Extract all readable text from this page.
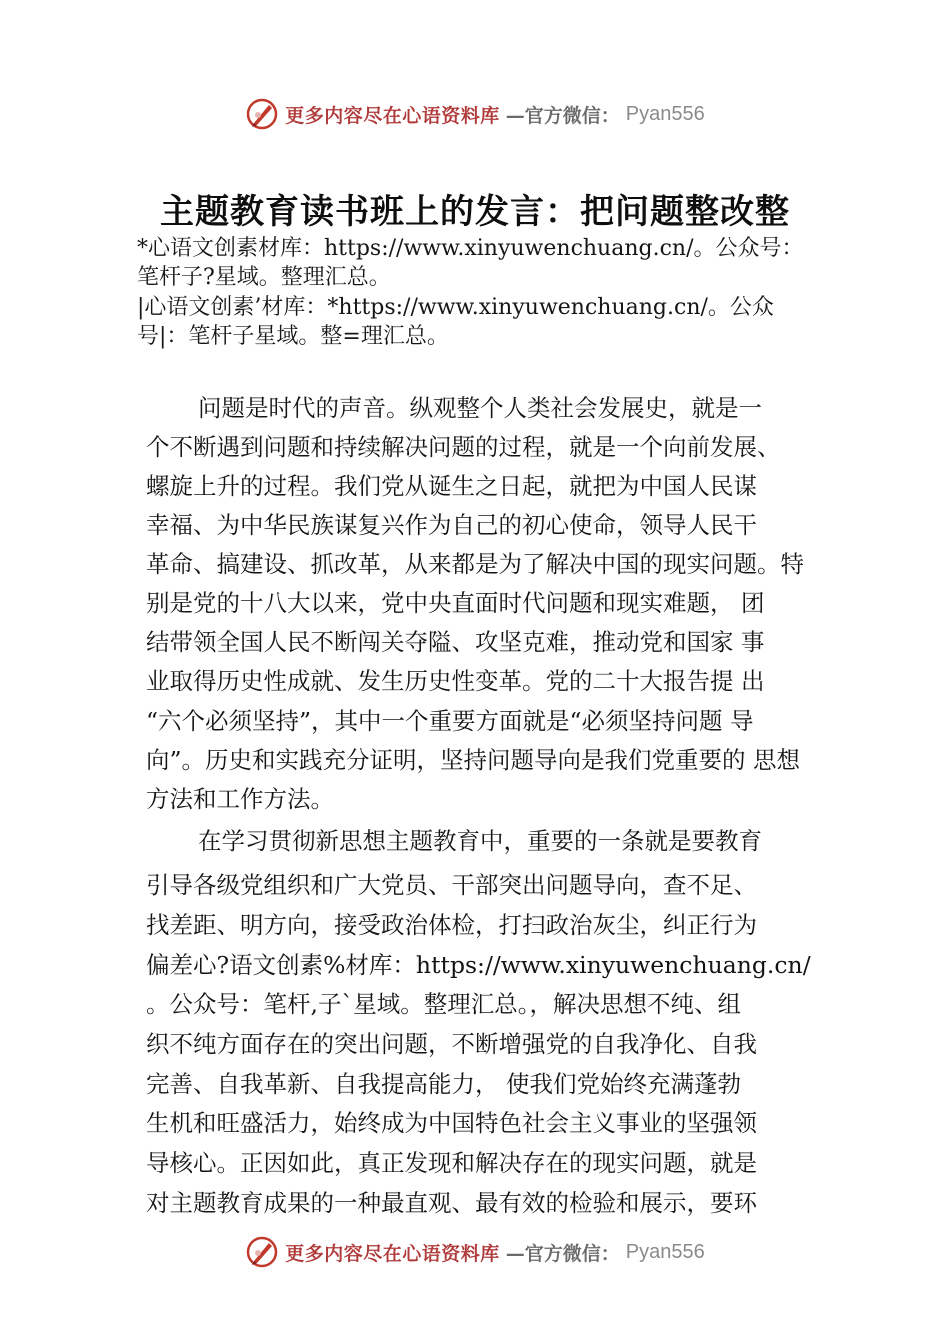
更多内容尽在心语资料库 —官方微信： Pyan556
主题教育读书班上的发言：把问题整改整
*心语文创素材库：https://www.xinyuwenchuang.cn/。公众号：
笔杆子?星域。整理汇总。
|心语文创素’材库：*https://www.xinyuwenchuang.cn/。公众
号|：笔杆子星域。整=理汇总。
问题是时代的声音。纵观整个人类社会发展史，就是一
个不断遇到问题和持续解决问题的过程，就是一个向前发展、
螺旋上升的过程。我们党从诞生之日起，就把为中国人民谋
幸福、为中华民族谋复兴作为自己的初心使命，领导人民干
革命、搞建设、抓改革，从来都是为了解决中国的现实问题。特
别是党的十八大以来，党中央直面时代问题和现实难题， 团
结带领全国人民不断闯关夺隘、攻坚克难，推动党和国家 事
业取得历史性成就、发生历史性变革。党的二十大报告提 出
“六个必须坚持”，其中一个重要方面就是“必须坚持问题 导
向”。历史和实践充分证明，坚持问题导向是我们党重要的 思想
方法和工作方法。
在学习贯彻新思想主题教育中，重要的一条就是要教育
引导各级党组织和广大党员、干部突出问题导向，查不足、
找差距、明方向，接受政治体检，打扫政治灰尘，纠正行为
偏差心?语文创素%材库：https://www.xinyuwenchuang.cn/
。公众号：笔杆,子`星域。整理汇总。，解决思想不纯、组
织不纯方面存在的突出问题，不断增强党的自我净化、自我
完善、自我革新、自我提高能力， 使我们党始终充满蓬勃
生机和旺盛活力，始终成为中国特色社会主义事业的坚强领
导核心。正因如此，真正发现和解决存在的现实问题，就是
对主题教育成果的一种最直观、最有效的检验和展示，要环
更多内容尽在心语资料库 —官方微信： Pyan556
